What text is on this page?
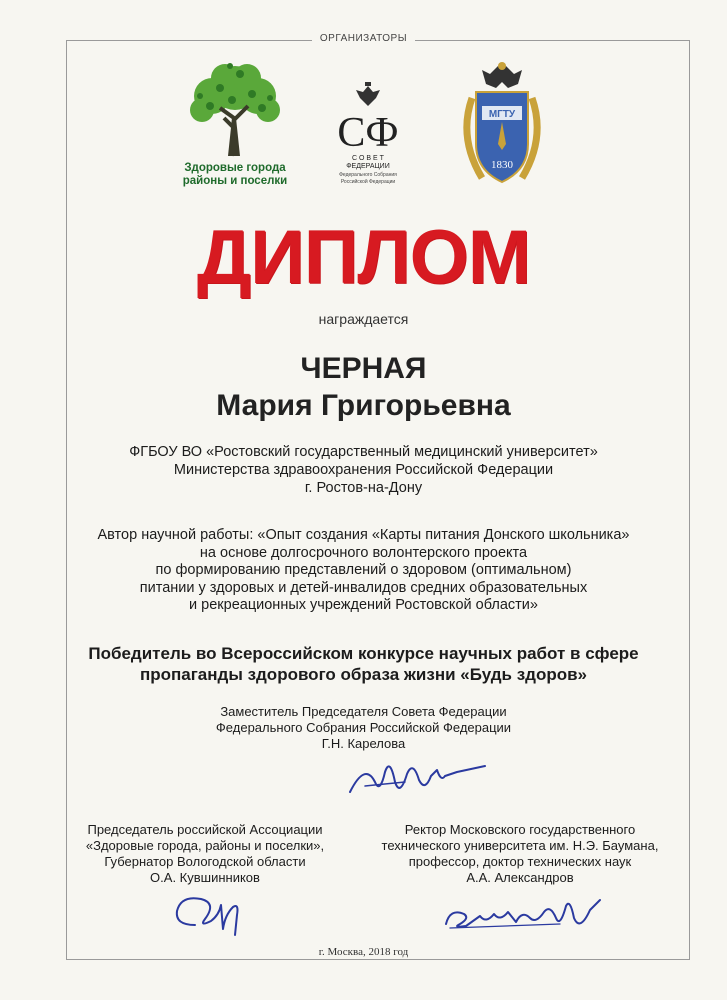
ОРГАНИЗАТОРЫ
Здоровые города
районы и поселки
СФ
С О В Е Т
ФЕДЕРАЦИИ
Федерального Собрания
Российской Федерации
МГТУ
1830
ДИПЛОМ
награждается
ЧЕРНАЯ
Мария Григорьевна

ФГБОУ ВО «Ростовский государственный медицинский университет»

Министерства здравоохранения Российской Федерации

г. Ростов-на-Дону

Автор научной работы: «Опыт создания «Карты питания Донского школьника»

на основе долгосрочного волонтерского проекта

по формированию представлений о здоровом (оптимальном)

питании у здоровых и детей-инвалидов средних образовательных

и рекреационных учреждений Ростовской области»

Победитель во Всероссийском конкурсе научных работ в сфере

пропаганды здорового образа жизни «Будь здоров»

Заместитель Председателя Совета Федерации

Федерального Собрания Российской Федерации

Г.Н. Карелова

Председатель российской Ассоциации

«Здоровые города, районы и поселки»,

Губернатор Вологодской области

О.А. Кувшинников

Ректор Московского государственного

технического университета им. Н.Э. Баумана,

профессор, доктор технических наук

А.А. Александров

г. Москва, 2018 год
